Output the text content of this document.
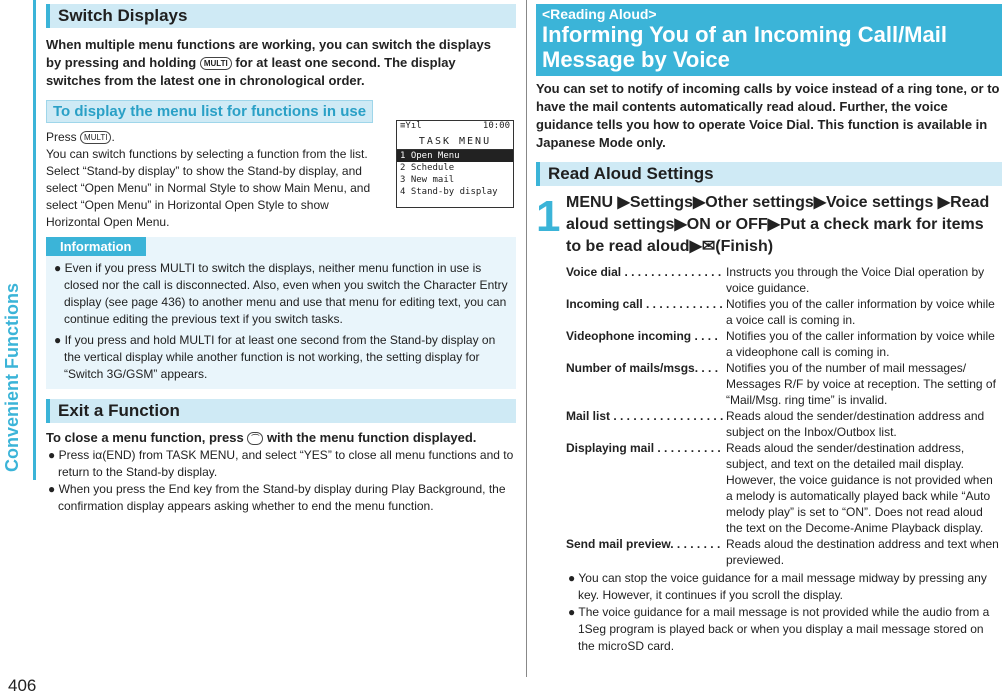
406
Switch Displays
When multiple menu functions are working, you can switch the displays
by pressing and holding MULTI for at least one second. The display
switches from the latest one in chronological order.
To display the menu list for functions in use
Press MULTI .
You can switch functions by selecting a function from the list.
Select “Stand-by display” to show the Stand-by display, and
select “Open Menu” in Normal Style to show Main Menu, and
select “Open Menu” in Horizontal Open Style to show
Horizontal Open Menu.
Information
● Even if you press MULTI to switch the displays, neither menu function in use is closed nor the call is disconnected. Also, even when you switch the Character Entry display (see page 436) to another menu and use that menu for editing text, you can continue editing the previous text if you switch tasks.
● If you press and hold MULTI for at least one second from the Stand-by display on the vertical display while another function is not working, the setting display for “Switch 3G/GSM” appears.
Exit a Function
To close a menu function, press ⌒ with the menu function displayed.
● Press iα(END) from TASK MENU, and select “YES” to close all menu functions and to return to the Stand-by display.
● When you press the End key from the Stand-by display during Play Background, the confirmation display appears asking whether to end the menu function.
≡Yıl	10:00
TASK MENU
1 Open Menu
2 Schedule
3 New mail
4 Stand-by display
<Reading Aloud>
Informing You of an Incoming Call/Mail Message by Voice
You can set to notify of incoming calls by voice instead of a ring tone, or to have the mail contents automatically read aloud. Further, the voice guidance tells you how to operate Voice Dial. This function is available in Japanese Mode only.
Read Aloud Settings
1 MENU ▶Settings▶Other settings▶Voice settings ▶Read aloud settings▶ON or OFF▶Put a check mark for items to be read aloud▶✉(Finish)
Voice dial . . . . . . . . . . . . . . . Instructs you through the Voice Dial operation by voice guidance.
Incoming call . . . . . . . . . . . . Notifies you of the caller information by voice while a voice call is coming in.
Videophone incoming . . . . Notifies you of the caller information by voice while a videophone call is coming in.
Number of mails/msgs. . . . Notifies you of the number of mail messages/ Messages R/F by voice at reception. The setting of “Mail/Msg. ring time” is invalid.
Mail list . . . . . . . . . . . . . . . . . Reads aloud the sender/destination address and subject on the Inbox/Outbox list.
Displaying mail . . . . . . . . . . Reads aloud the sender/destination address, subject, and text on the detailed mail display. However, the voice guidance is not provided when a melody is automatically played back while “Auto melody play” is set to “ON”. Does not read aloud the text on the Decome-Anime Playback display.
Send mail preview. . . . . . . . Reads aloud the destination address and text when previewed.
● You can stop the voice guidance for a mail message midway by pressing any key. However, it continues if you scroll the display.
● The voice guidance for a mail message is not provided while the audio from a 1Seg program is played back or when you display a mail message stored on the microSD card.
